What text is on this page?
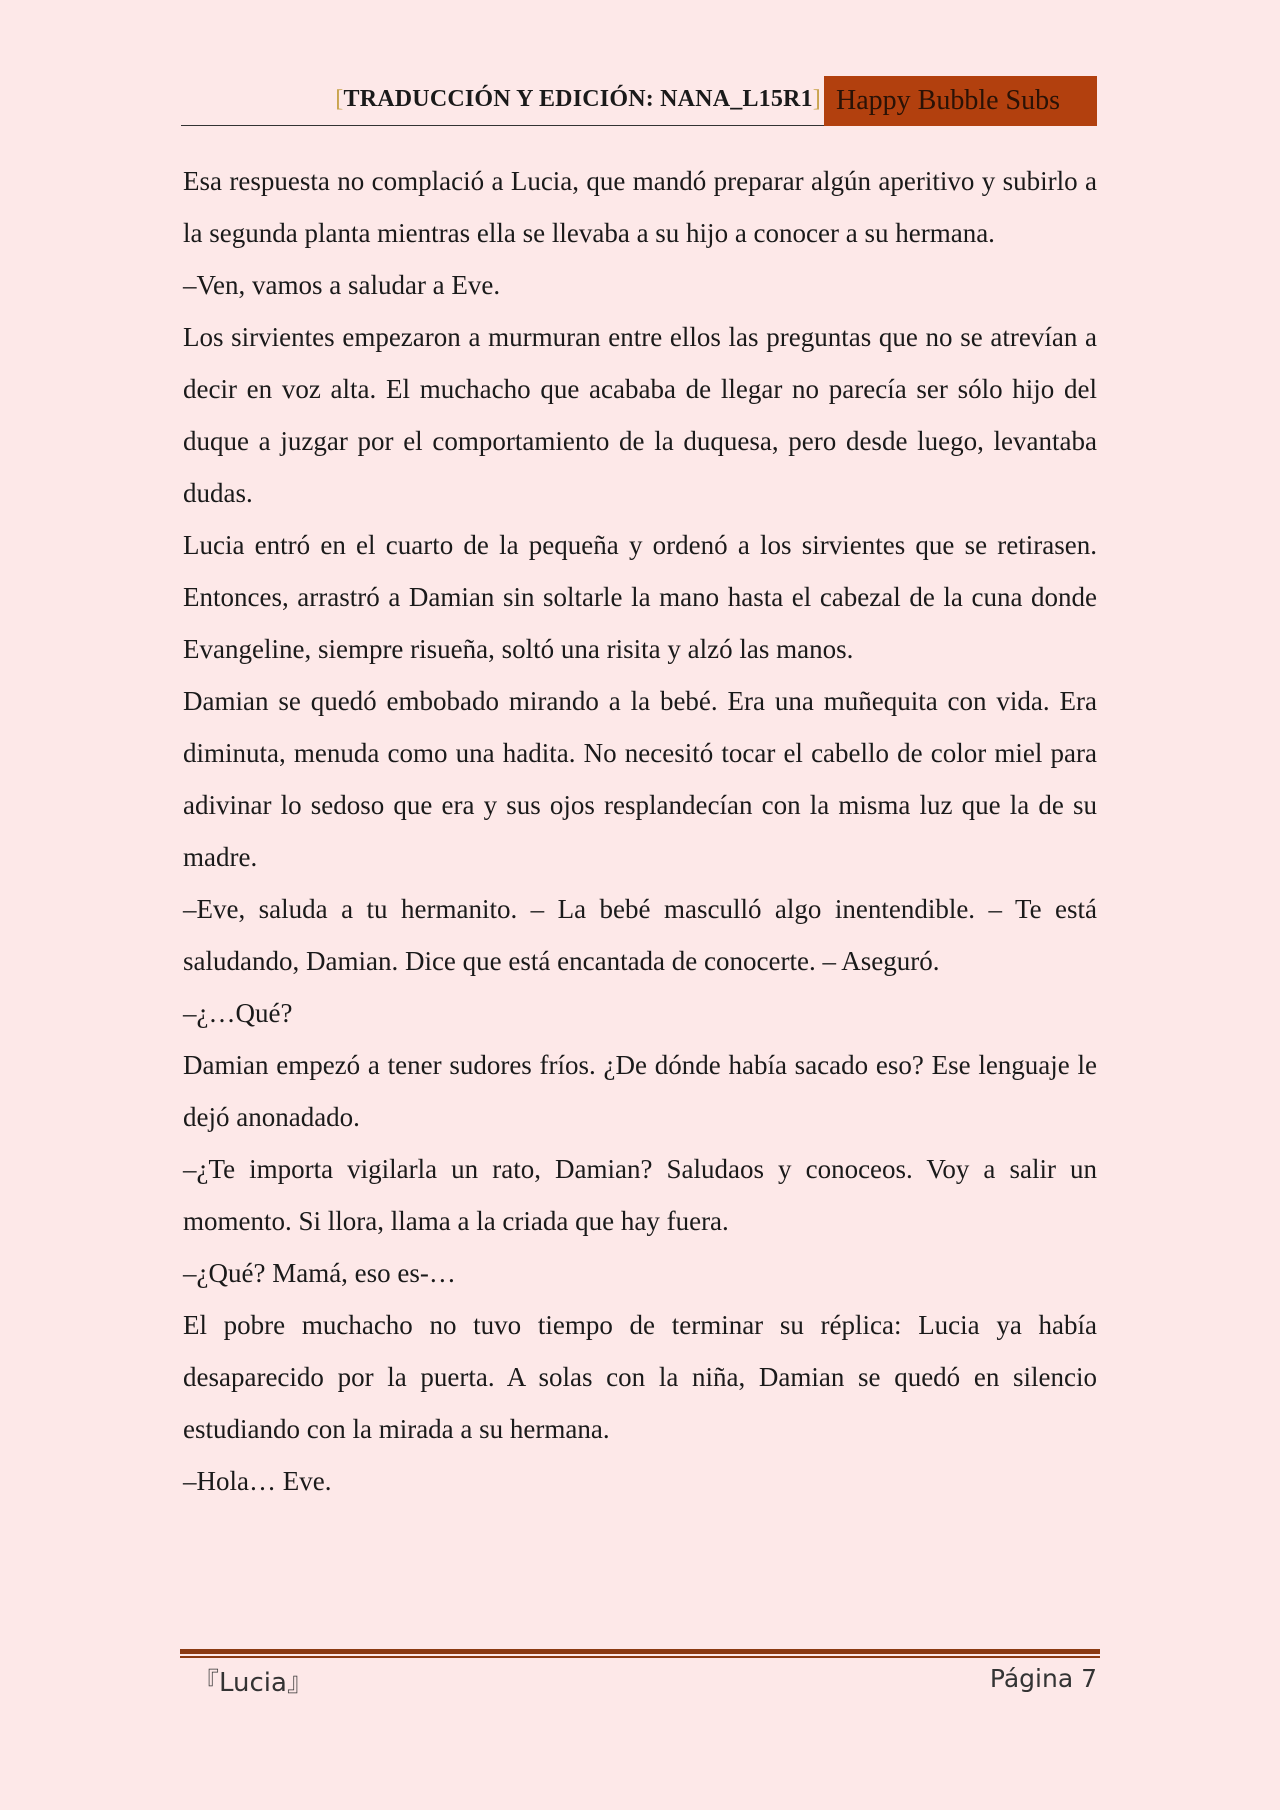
[TRADUCCIÓN Y EDICIÓN: NANA_L15R1] Happy Bubble Subs

Esa respuesta no complació a Lucia, que mandó preparar algún aperitivo y subirlo a la segunda planta mientras ella se llevaba a su hijo a conocer a su hermana.

–Ven, vamos a saludar a Eve.

Los sirvientes empezaron a murmuran entre ellos las preguntas que no se atrevían a decir en voz alta. El muchacho que acababa de llegar no parecía ser sólo hijo del duque a juzgar por el comportamiento de la duquesa, pero desde luego, levantaba dudas.

Lucia entró en el cuarto de la pequeña y ordenó a los sirvientes que se retirasen. Entonces, arrastró a Damian sin soltarle la mano hasta el cabezal de la cuna donde Evangeline, siempre risueña, soltó una risita y alzó las manos.

Damian se quedó embobado mirando a la bebé. Era una muñequita con vida. Era diminuta, menuda como una hadita. No necesitó tocar el cabello de color miel para adivinar lo sedoso que era y sus ojos resplandecían con la misma luz que la de su madre.

–Eve, saluda a tu hermanito. – La bebé masculló algo inentendible. – Te está saludando, Damian. Dice que está encantada de conocerte. – Aseguró.

–¿…Qué?

Damian empezó a tener sudores fríos. ¿De dónde había sacado eso? Ese lenguaje le dejó anonadado.

–¿Te importa vigilarla un rato, Damian? Saludaos y conoceos. Voy a salir un momento. Si llora, llama a la criada que hay fuera.

–¿Qué? Mamá, eso es-…

El pobre muchacho no tuvo tiempo de terminar su réplica: Lucia ya había desaparecido por la puerta. A solas con la niña, Damian se quedó en silencio estudiando con la mirada a su hermana.

–Hola… Eve.

『Lucia』	Página 7
